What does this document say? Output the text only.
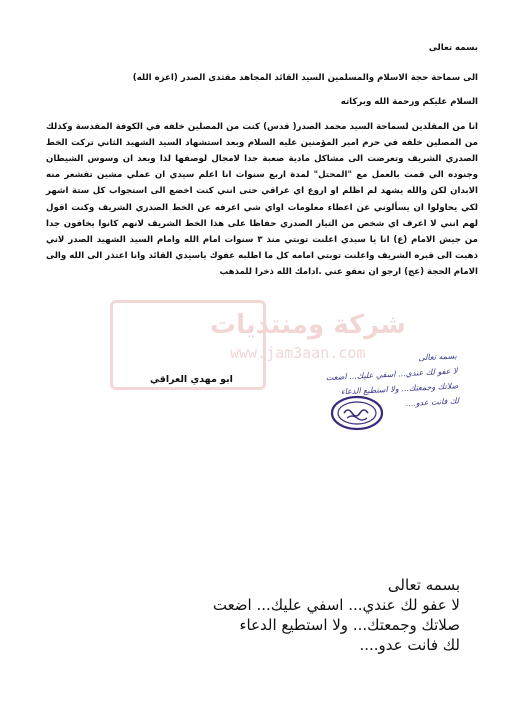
بسمه تعالى
الى سماحة حجة الاسلام والمسلمين السيد القائد المجاهد مقتدى الصدر (اعزه الله)
السلام عليكم ورحمة الله وبركاته

انا من المقلدين لسماحة السيد محمد الصدر( قدس) كنت من المصلين خلفه في الكوفة المقدسة وكذلك من المصلين خلفه في حرم امير المؤمنين عليه السلام وبعد استشهاد السيد الشهيد الثاني تركت الخط الصدري الشريف وتعرضت الى مشاكل مادية صعبة جدا لامجال لوصفها لذا وبعد ان وسوس الشيطان وجنوده الي قمت بالعمل مع "المحتل" لمدة اربع سنوات انا اعلم سيدي ان عملي مشين تقشعر منه الابدان لكن والله يشهد لم اظلم او اروع اي عراقي حتى انني كنت اخضع الى استجواب كل ستة اشهر لكي يحاولوا ان يسألوني عن اعطاء معلومات اواي شي اعرفه عن الخط الصدري الشريف وكنت اقول لهم انني لا اعرف اي شخص من التيار الصدري حفاظا على هذا الخط الشريف لانهم كانوا يخافون جدا من جيش الامام (ع) انا يا سيدي اعلنت توبتي منذ ٣ سنوات امام الله وامام السيد الشهيد الصدر لاني ذهبت الى قبره الشريف واعلنت توبتي امامه كل ما اطلبه عفوك ياسيدي القائد وانا اعتذر الى الله والى الامام الحجة (عج) ارجو ان تعفو عني .ادامك الله ذخرا للمذهب

شركة ومنتديات
www.jam3aan.com	بسمه تعالى
لا عفو لك عندي... اسفي عليك... اضعت
صلاتك وجمعتك... ولا استطيع الدعاء
لك فانت عدو....
ابو مهدي العراقي
بسمه تعالى
لا عفو لك عندي... اسفي عليك... اضعت
صلاتك وجمعتك... ولا استطيع الدعاء
لك فانت عدو....
